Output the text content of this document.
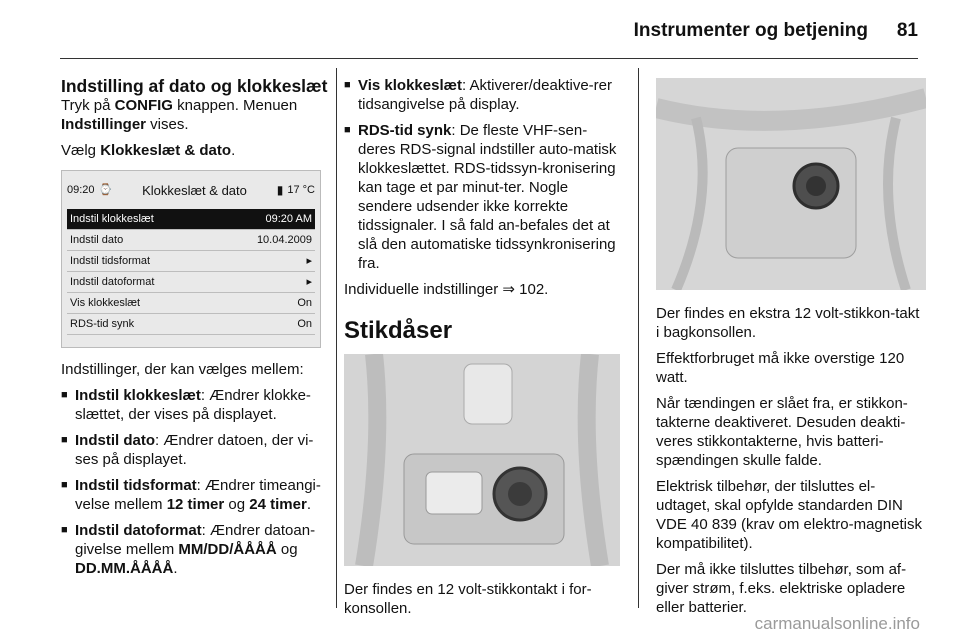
Instrumenter og betjening 81
Indstilling af dato og klokkeslæt

Tryk på CONFIG knappen. Menuen Indstillinger vises.

Vælg Klokkeslæt & dato.

09:20 ⌚	Klokkeslæt & dato	▮ 17 °C
Indstil klokkeslæt	09:20 AM
Indstil dato	10.04.2009
Indstil tidsformat	▸
Indstil datoformat	▸
Vis klokkeslæt	On
RDS-tid synk	On

Indstillinger, der kan vælges mellem:

■ Indstil klokkeslæt: Ændrer klokke-slættet, der vises på displayet.
■ Indstil dato: Ændrer datoen, der vi-ses på displayet.
■ Indstil tidsformat: Ændrer timeangi-velse mellem 12 timer og 24 timer.
■ Indstil datoformat: Ændrer datoan-givelse mellem MM/DD/ÅÅÅÅ og DD.MM.ÅÅÅÅ.
■ Vis klokkeslæt: Aktiverer/deaktive-rer tidsangivelse på display.
■ RDS-tid synk: De fleste VHF-sen-deres RDS-signal indstiller auto-matisk klokkeslættet. RDS-tidssyn-kronisering kan tage et par minut-ter. Nogle sendere udsender ikke korrekte tidssignaler. I så fald an-befales det at slå den automatiske tidssynkronisering fra.

Individuelle indstillinger ⇒ 102.

Stikdåser

Der findes en 12 volt-stikkontakt i for-konsollen.

Der findes en ekstra 12 volt-stikkon-takt i bagkonsollen.

Effektforbruget må ikke overstige 120 watt.

Når tændingen er slået fra, er stikkon-takterne deaktiveret. Desuden deakti-veres stikkontakterne, hvis batteri-spændingen skulle falde.

Elektrisk tilbehør, der tilsluttes el-udtaget, skal opfylde standarden DIN VDE 40 839 (krav om elektro-magnetisk kompatibilitet).

Der må ikke tilsluttes tilbehør, som af-giver strøm, f.eks. elektriske opladere eller batterier.

carmanualsonline.info
